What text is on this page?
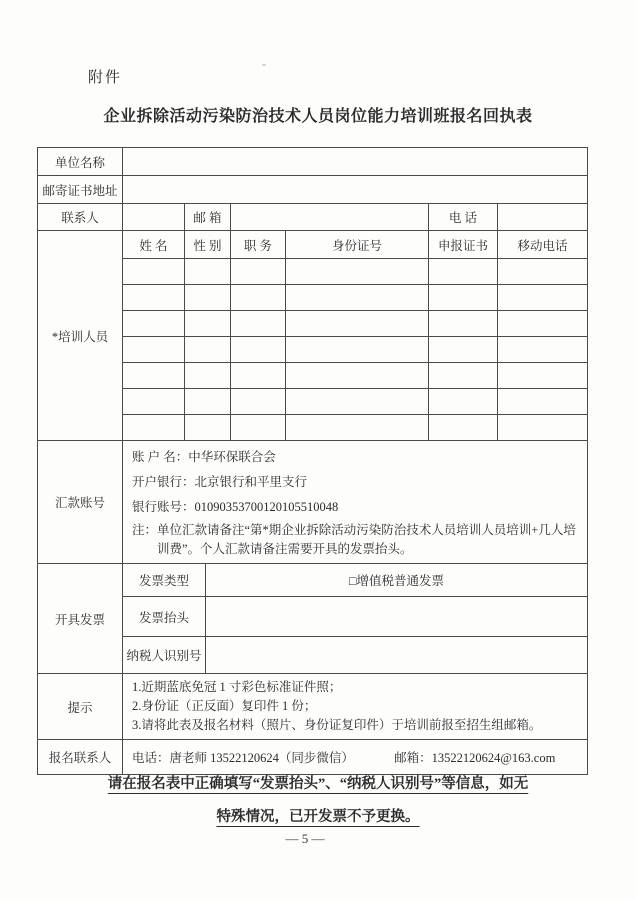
附件
企业拆除活动污染防治技术人员岗位能力培训班报名回执表
单位名称							
邮寄证书地址							
联系人		邮 箱				电 话	
*培训人员	姓 名	性 别		职 务	身份证号	申报证书	移动电话

汇款账号	账 户 名：中华环保联合会
开户银行：北京银行和平里支行
银行账号：01090353700120105510048
注：单位汇款请备注“第*期企业拆除活动污染防治技术人员培训人员培训+几人培训费”。个人汇款请备注需要开具的发票抬头。						

开具发票	发票类型		□增值税普通发票				
	发票抬头						
	纳税人识别号						
提示	1.近期蓝底免冠 1 寸彩色标准证件照；
2.身份证（正反面）复印件 1 份；
3.请将此表及报名材料（照片、身份证复印件）于培训前报至招生组邮箱。						

报名联系人	电话：唐老师 13522120624（同步微信） 邮箱：13522120624@163.com						
请在报名表中正确填写“发票抬头”、“纳税人识别号”等信息，如无
特殊情况，已开发票不予更换。
— 5 —
